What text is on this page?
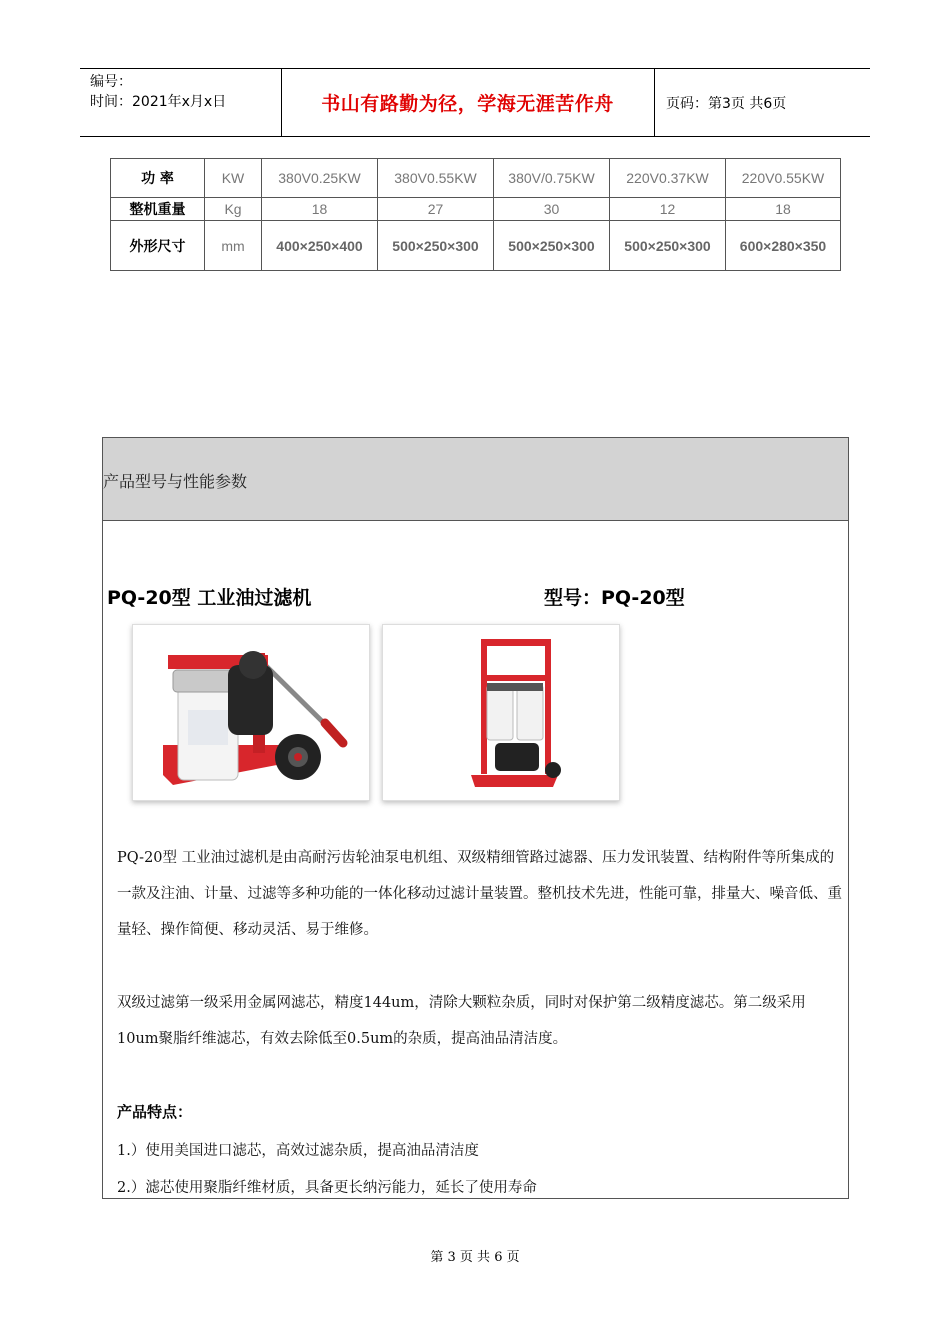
编号：
时间：2021年x月x日	书山有路勤为径，学海无涯苦作舟	页码：第3页 共6页
功 率	KW	380V0.25KW	380V0.55KW	380V/0.75KW	220V0.37KW	220V0.55KW
整机重量	Kg	18	27	30	12	18
外形尺寸	mm	400×250×400	500×250×300	500×250×300	500×250×300	600×280×350
产品型号与性能参数
PQ-20型 工业油过滤机	型号：PQ-20型
PQ-20型 工业油过滤机是由高耐污齿轮油泵电机组、双级精细管路过滤器、压力发讯装置、结构附件等所集成的一款及注油、计量、过滤等多种功能的一体化移动过滤计量装置。整机技术先进，性能可靠，排量大、噪音低、重量轻、操作简便、移动灵活、易于维修。
双级过滤第一级采用金属网滤芯，精度144um，清除大颗粒杂质，同时对保护第二级精度滤芯。第二级采用10um聚脂纤维滤芯，有效去除低至0.5um的杂质，提高油品清洁度。
产品特点：
1.）使用美国进口滤芯，高效过滤杂质，提高油品清洁度
2.）滤芯使用聚脂纤维材质，具备更长纳污能力，延长了使用寿命
第 3 页 共 6 页
